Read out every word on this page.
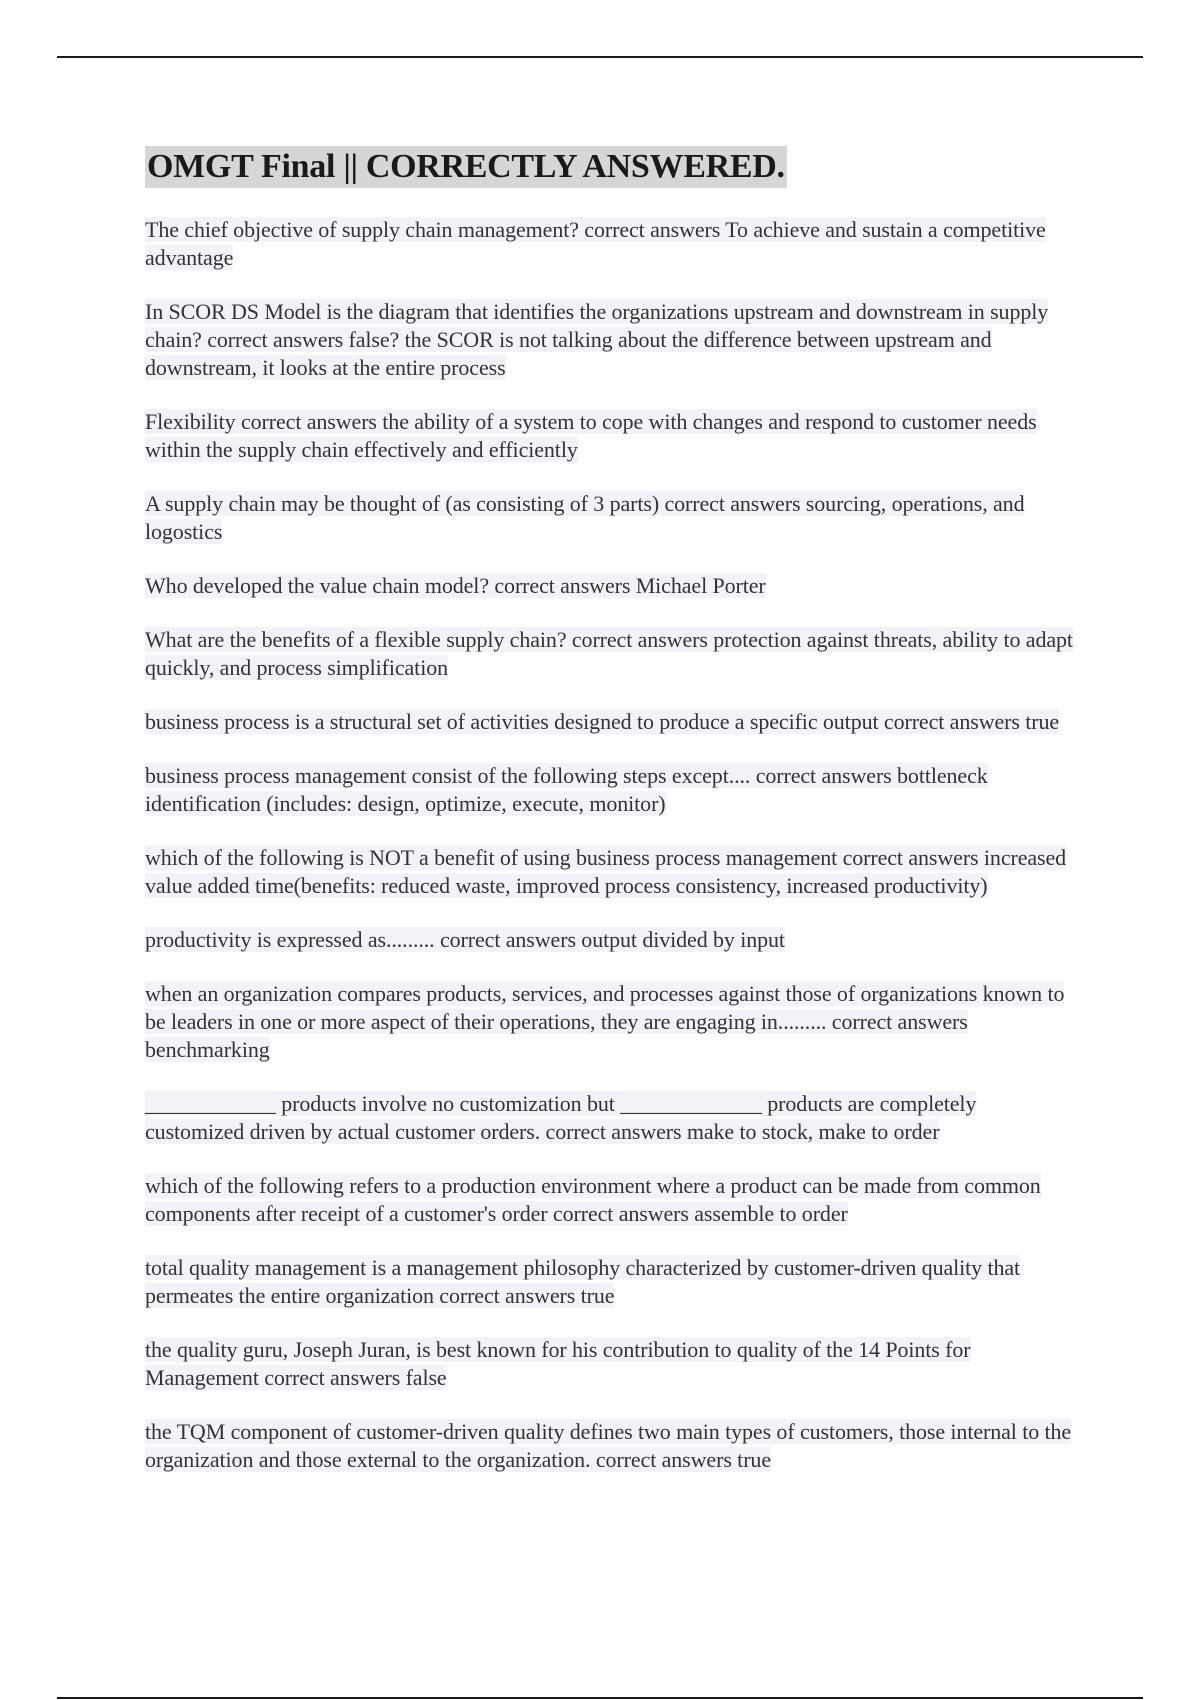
OMGT Final || CORRECTLY ANSWERED.
The chief objective of supply chain management? correct answers To achieve and sustain a competitive advantage
In SCOR DS Model is the diagram that identifies the organizations upstream and downstream in supply chain? correct answers false? the SCOR is not talking about the difference between upstream and downstream, it looks at the entire process
Flexibility correct answers the ability of a system to cope with changes and respond to customer needs within the supply chain effectively and efficiently
A supply chain may be thought of (as consisting of 3 parts) correct answers sourcing, operations, and logostics
Who developed the value chain model? correct answers Michael Porter
What are the benefits of a flexible supply chain? correct answers protection against threats, ability to adapt quickly, and process simplification
business process is a structural set of activities designed to produce a specific output correct answers true
business process management consist of the following steps except.... correct answers bottleneck identification (includes: design, optimize, execute, monitor)
which of the following is NOT a benefit of using business process management correct answers increased value added time(benefits: reduced waste, improved process consistency, increased productivity)
productivity is expressed as......... correct answers output divided by input
when an organization compares products, services, and processes against those of organizations known to be leaders in one or more aspect of their operations, they are engaging in......... correct answers benchmarking
____________ products involve no customization but _____________ products are completely customized driven by actual customer orders. correct answers make to stock, make to order
which of the following refers to a production environment where a product can be made from common components after receipt of a customer's order correct answers assemble to order
total quality management is a management philosophy characterized by customer-driven quality that permeates the entire organization correct answers true
the quality guru, Joseph Juran, is best known for his contribution to quality of the 14 Points for Management correct answers false
the TQM component of customer-driven quality defines two main types of customers, those internal to the organization and those external to the organization. correct answers true
